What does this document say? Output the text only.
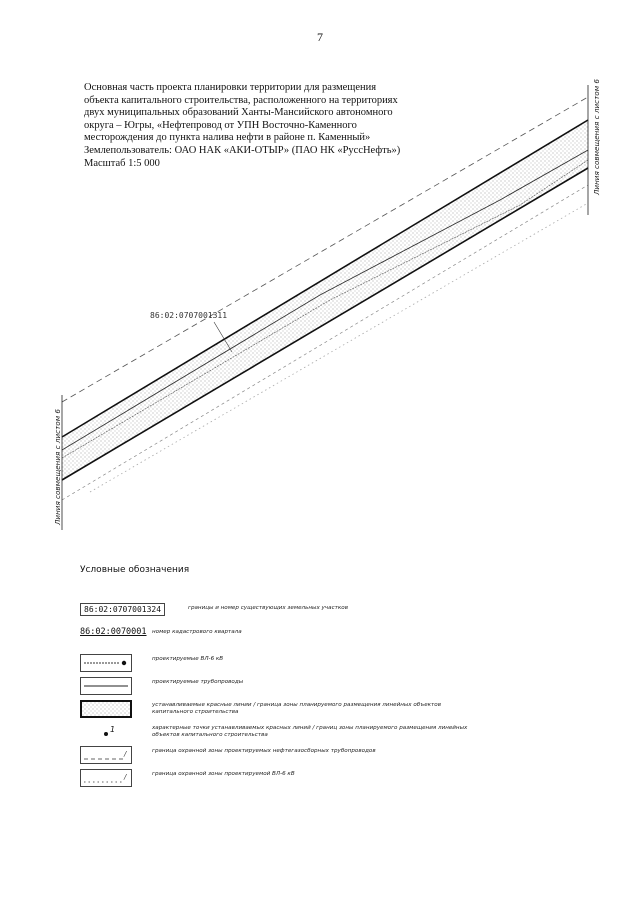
7
Основная часть проекта планировки территории для размещения
объекта капитального строительства, расположенного на территориях
двух муниципальных образований Ханты-Мансийского автономного
округа – Югры, «Нефтепровод от УПН Восточно-Каменного
месторождения до пункта налива нефти в районе п. Каменный»
Землепользователь: ОАО НАК «АКИ-ОТЫР» (ПАО НК «РуссНефть»)
Масштаб 1:5 000
86:02:0707001311
Линия совмещения с листом 6
Линия совмещения с листом 6
Условные обозначения
86:02:0707001324	границы и номер существующих земельных участков
86:02:0070001 номер кадастрового квартала
проектируемые ВЛ-6 кВ
проектируемые трубопроводы
устанавливаемые красные линии / граница зоны планируемого размещения линейных объектов капитального строительства
1	характерные точки устанавливаемых красных линий / границ зоны планируемого размещения линейных объектов капитального строительства
/	граница охранной зоны проектируемых нефтегазосборных трубопроводов
/	граница охранной зоны проектируемой ВЛ-6 кВ
